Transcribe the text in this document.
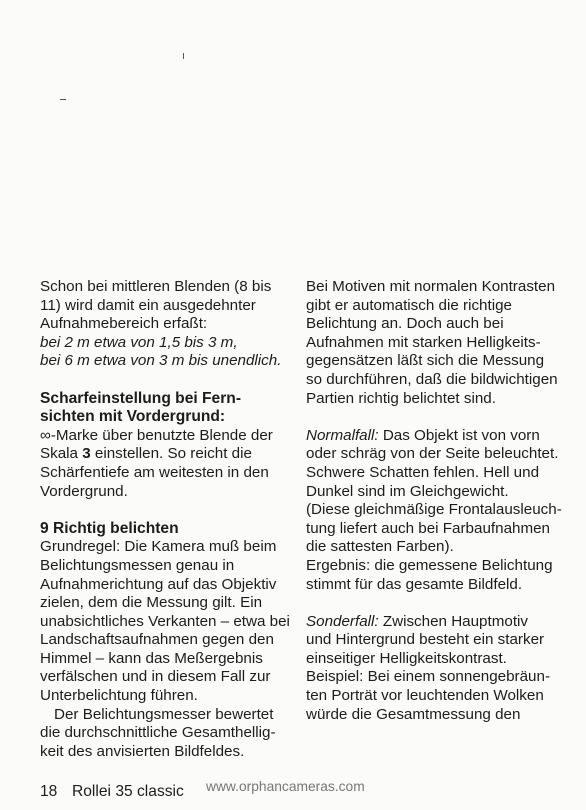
Schon bei mittleren Blenden (8 bis
11) wird damit ein ausgedehnter
Aufnahmebereich erfaßt:
bei 2 m etwa von 1,5 bis 3 m,
bei 6 m etwa von 3 m bis unendlich.

Scharfeinstellung bei Fern-
sichten mit Vordergrund:

∞-Marke über benutzte Blende der
Skala 3 einstellen. So reicht die
Schärfentiefe am weitesten in den
Vordergrund.

9 Richtig belichten

Grundregel: Die Kamera muß beim
Belichtungsmessen genau in
Aufnahmerichtung auf das Objektiv
zielen, dem die Messung gilt. Ein
unabsichtliches Verkanten – etwa bei
Landschaftsaufnahmen gegen den
Himmel – kann das Meßergebnis
verfälschen und in diesem Fall zur
Unterbelichtung führen.

Der Belichtungsmesser bewertet
die durchschnittliche Gesamthellig-
keit des anvisierten Bildfeldes.

Bei Motiven mit normalen Kontrasten
gibt er automatisch die richtige
Belichtung an. Doch auch bei
Aufnahmen mit starken Helligkeits-
gegensätzen läßt sich die Messung
so durchführen, daß die bildwichtigen
Partien richtig belichtet sind.

Normalfall: Das Objekt ist von vorn
oder schräg von der Seite beleuchtet.
Schwere Schatten fehlen. Hell und
Dunkel sind im Gleichgewicht.
(Diese gleichmäßige Frontalausleuch-
tung liefert auch bei Farbaufnahmen
die sattesten Farben).
Ergebnis: die gemessene Belichtung
stimmt für das gesamte Bildfeld.

Sonderfall: Zwischen Hauptmotiv
und Hintergrund besteht ein starker
einseitiger Helligkeitskontrast.
Beispiel: Bei einem sonnengebräun-
ten Porträt vor leuchtenden Wolken
würde die Gesamtmessung den

18 Rollei 35 classic www.orphancameras.com
